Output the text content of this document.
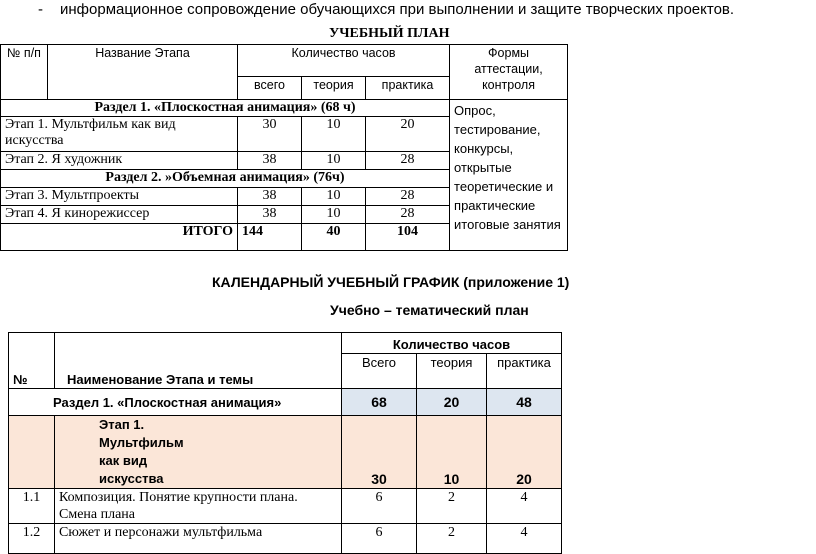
- информационное сопровождение обучающихся при выполнении и защите творческих проектов.
УЧЕБНЫЙ ПЛАН
№ п/п	Название Этапа	Количество часов			Формы аттестации, контроля
		всего	теория	практика	
Раздел 1. «Плоскостная анимация» (68 ч)					Опрос, тестирование, конкурсы, открытые теоретические и практические итоговые занятия
Этап 1. Мультфильм как вид искусства		30	10	20	
Этап 2. Я художник		38	10	28	
Раздел 2. »Объемная анимация» (76ч)					
Этап 3. Мультпроекты		38	10	28	
Этап 4. Я кинорежиссер		38	10	28	
ИТОГО		144	40	104	
КАЛЕНДАРНЫЙ УЧЕБНЫЙ ГРАФИК (приложение 1)
Учебно – тематический план
№	Наименование Этапа и темы	Количество часов		
		Всего	теория	практика
Раздел 1. «Плоскостная анимация»		68	20	48
	Этап 1. Мультфильм как вид искусства	30	10	20
1.1	Композиция. Понятие крупности плана. Смена плана	6	2	4
1.2	Сюжет и персонажи мультфильма	6	2	4
